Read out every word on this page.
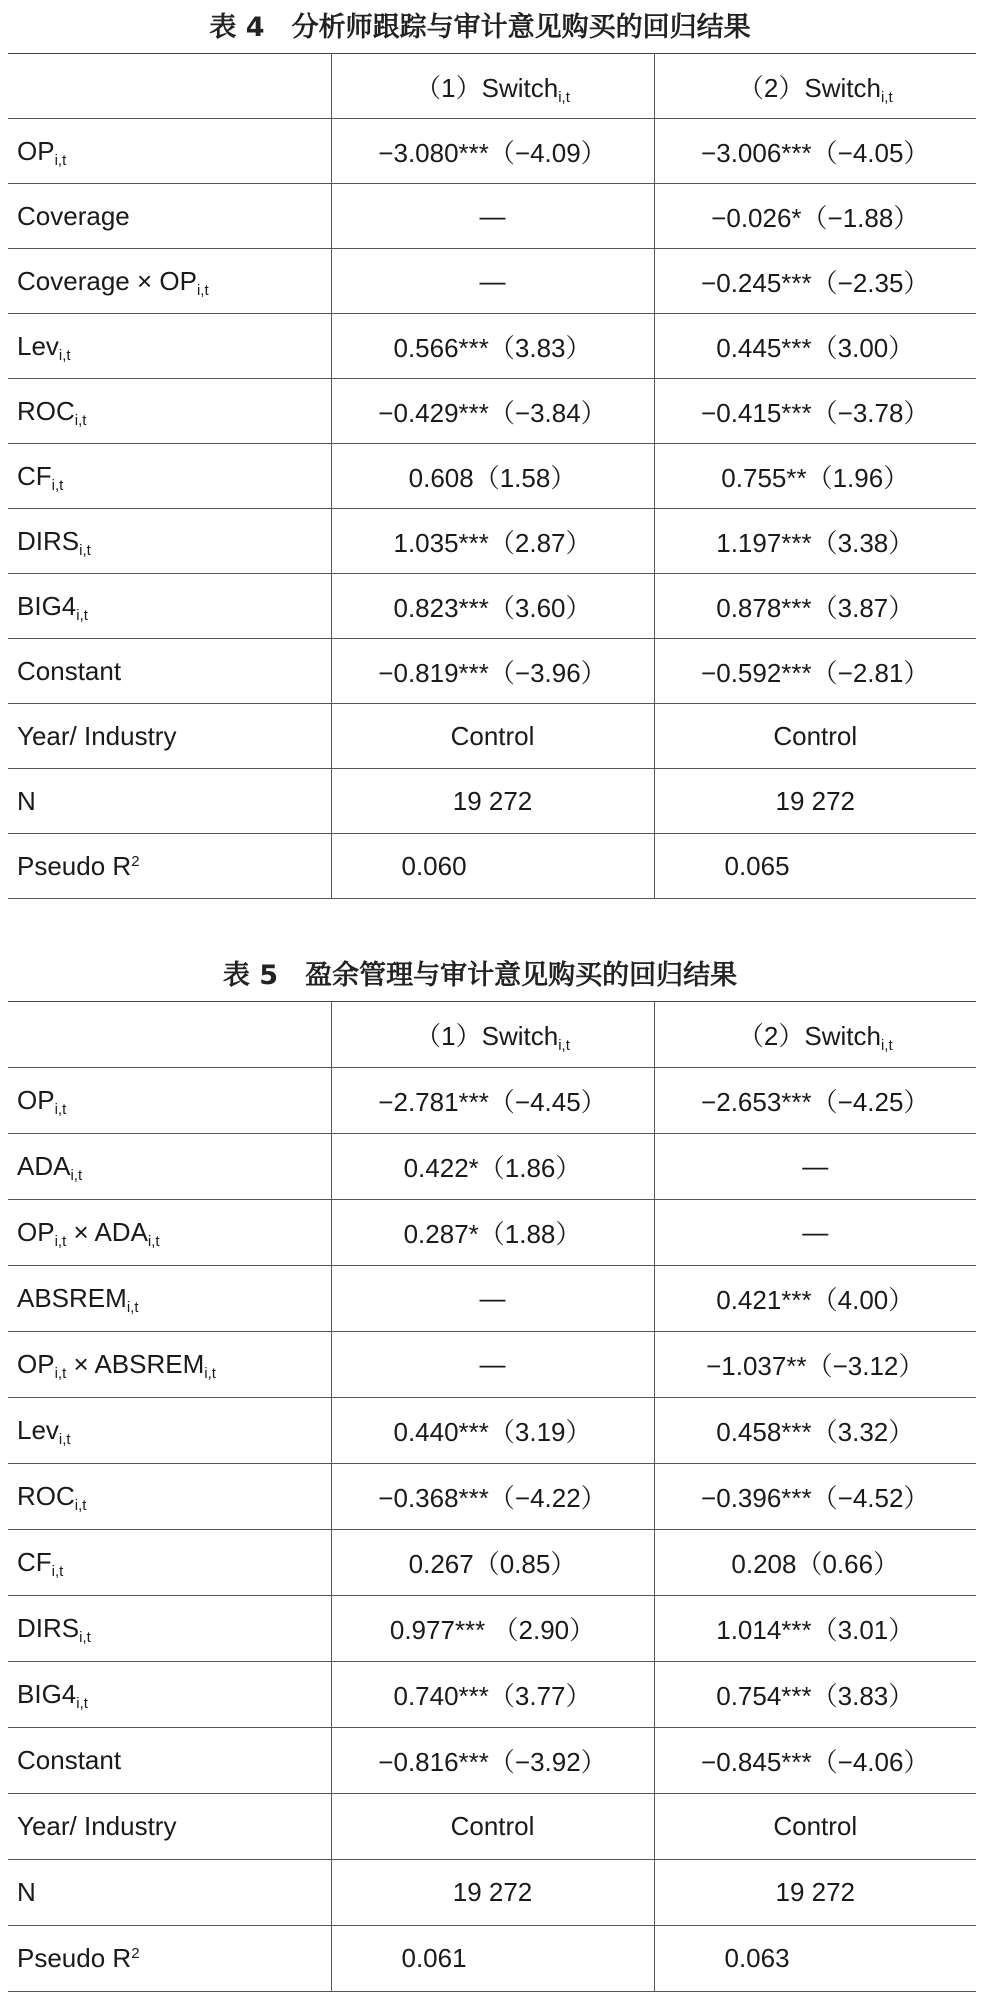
表 4　分析师跟踪与审计意见购买的回归结果
	（1）Switch$_{i,t}$	（2）Switch$_{i,t}$
$OP_{i,t}$	−3.080***（−4.09）	−3.006***（−4.05）
Coverage	—	−0.026*（−1.88）
Coverage × $OP_{i,t}$	—	−0.245***（−2.35）
Lev$_{i,t}$	0.566***（3.83）	0.445***（3.00）
$ROC_{i,t}$	−0.429***（−3.84）	−0.415***（−3.78）
$CF_{i,t}$	0.608（1.58）	0.755**（1.96）
$DIRS_{i,t}$	1.035***（2.87）	1.197***（3.38）
$BIG4_{i,t}$	0.823***（3.60）	0.878***（3.87）
Constant	−0.819***（−3.96）	−0.592***（−2.81）
Year/ Industry	Control	Control
N	19 272	19 272
Pseudo $R^2$	0.060	0.065
表 5　盈余管理与审计意见购买的回归结果
	（1）Switch$_{i,t}$	（2）Switch$_{i,t}$
$OP_{i,t}$	−2.781***（−4.45）	−2.653***（−4.25）
$ADA_{i,t}$	0.422*（1.86）	—
$OP_{i,t} \times ADA_{i,t}$	0.287*（1.88）	—
$ABSREM_{i,t}$	—	0.421***（4.00）
$OP_{i,t}$ × $ABSREM_{i,t}$	—	−1.037**（−3.12）
Lev$_{i,t}$	0.440***（3.19）	0.458***（3.32）
$ROC_{i,t}$	−0.368***（−4.22）	−0.396***（−4.52）
$CF_{i,t}$	0.267（0.85）	0.208（0.66）
$DIRS_{i,t}$	0.977*** （2.90）	1.014***（3.01）
$BIG4_{i,t}$	0.740***（3.77）	0.754***（3.83）
Constant	−0.816***（−3.92）	−0.845***（−4.06）
Year/ Industry	Control	Control
N	19 272	19 272
Pseudo $R^2$	0.061	0.063
